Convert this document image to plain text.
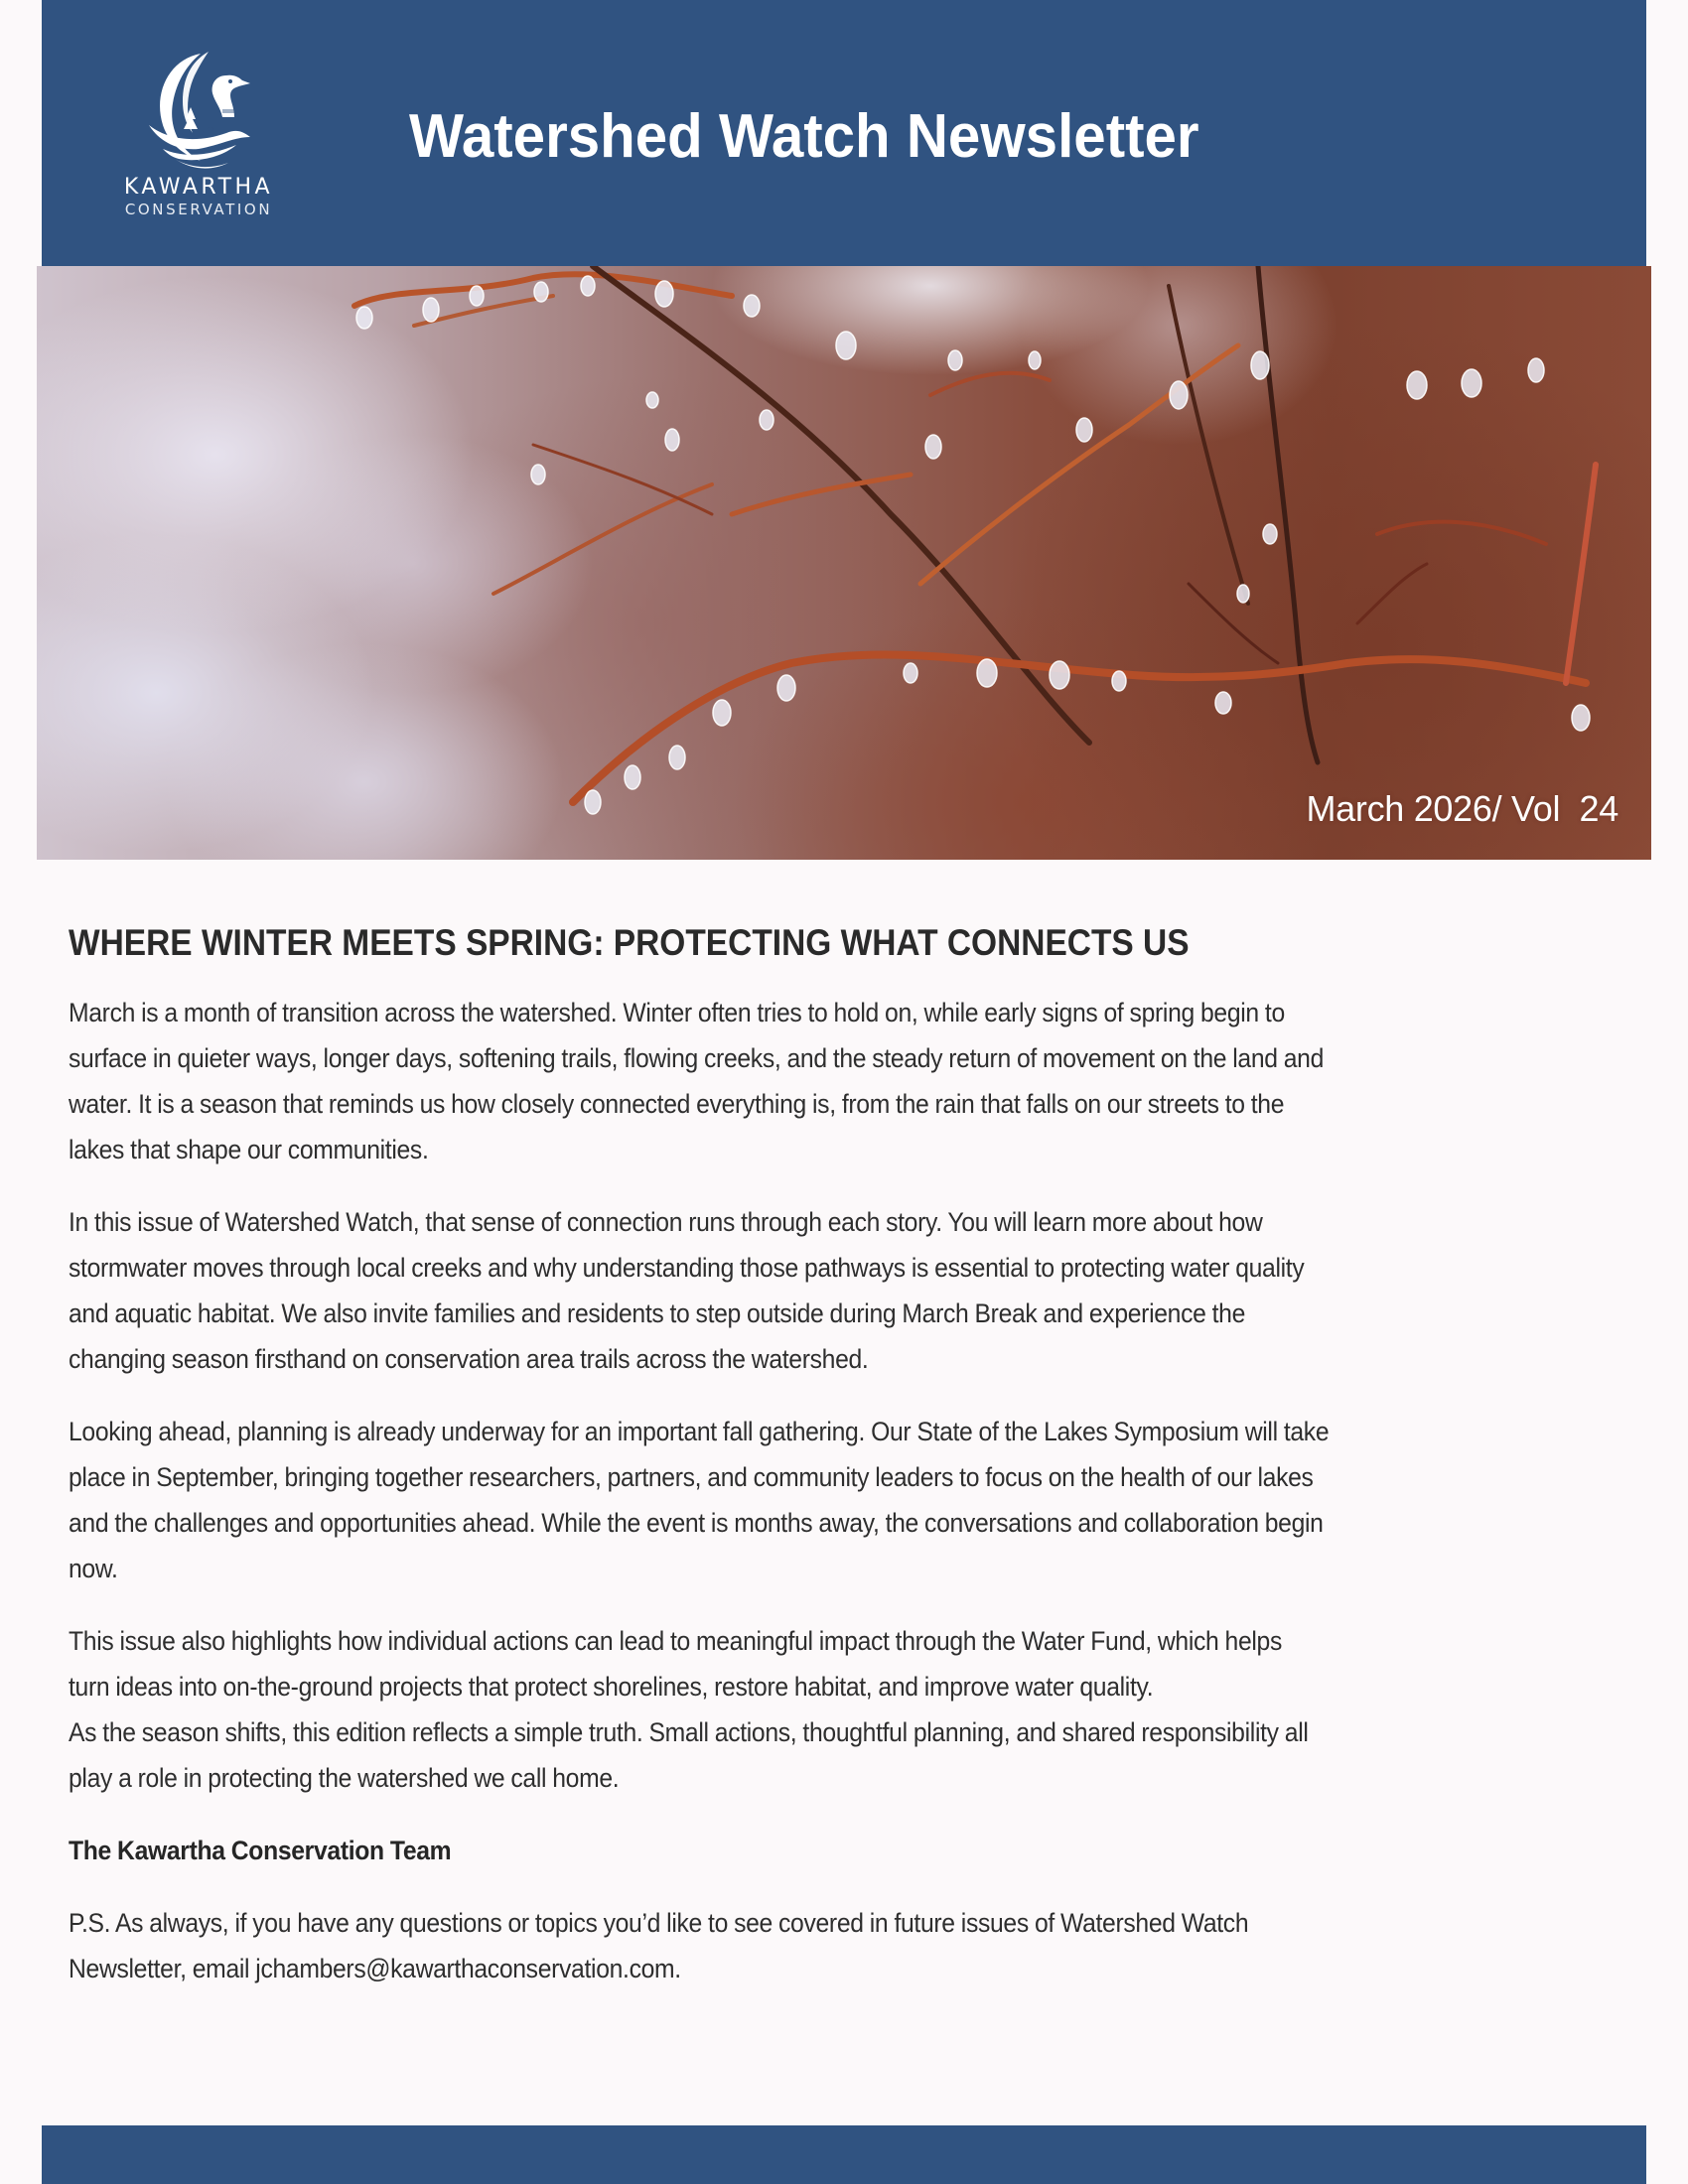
KAWARTHA
CONSERVATION
Watershed Watch Newsletter
March 2026/ Vol  24
WHERE WINTER MEETS SPRING: PROTECTING WHAT CONNECTS US

March is a month of transition across the watershed. Winter often tries to hold on, while early signs of spring begin to
surface in quieter ways, longer days, softening trails, flowing creeks, and the steady return of movement on the land and
water. It is a season that reminds us how closely connected everything is, from the rain that falls on our streets to the
lakes that shape our communities.

In this issue of Watershed Watch, that sense of connection runs through each story. You will learn more about how
stormwater moves through local creeks and why understanding those pathways is essential to protecting water quality
and aquatic habitat. We also invite families and residents to step outside during March Break and experience the
changing season firsthand on conservation area trails across the watershed.

Looking ahead, planning is already underway for an important fall gathering. Our State of the Lakes Symposium will take
place in September, bringing together researchers, partners, and community leaders to focus on the health of our lakes
and the challenges and opportunities ahead. While the event is months away, the conversations and collaboration begin
now.

This issue also highlights how individual actions can lead to meaningful impact through the Water Fund, which helps
turn ideas into on-the-ground projects that protect shorelines, restore habitat, and improve water quality.
As the season shifts, this edition reflects a simple truth. Small actions, thoughtful planning, and shared responsibility all
play a role in protecting the watershed we call home.

The Kawartha Conservation Team

P.S. As always, if you have any questions or topics you’d like to see covered in future issues of Watershed Watch
Newsletter, email jchambers@kawarthaconservation.com.
